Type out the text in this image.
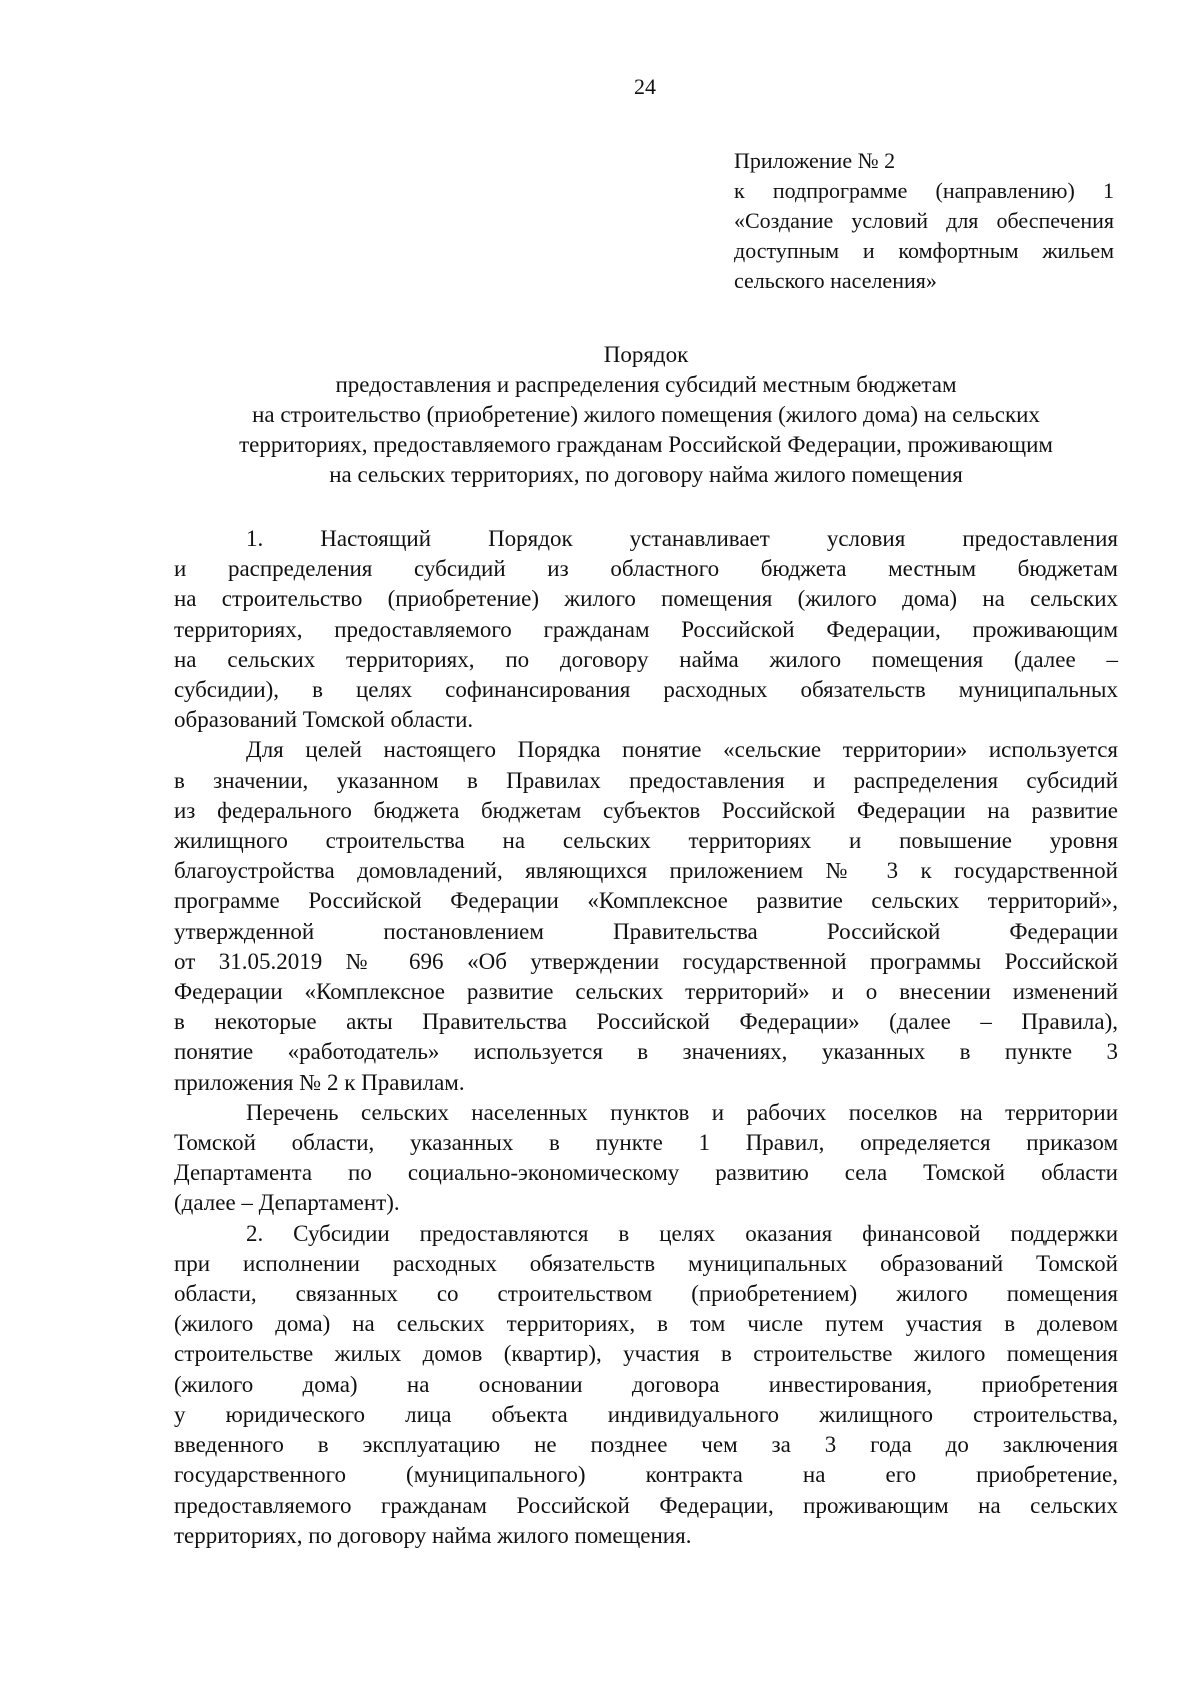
24
Приложение № 2
к подпрограмме (направлению) 1
«Создание условий для обеспечения
доступным и комфортным жильем
сельского населения»
Порядок
предоставления и распределения субсидий местным бюджетам
на строительство (приобретение) жилого помещения (жилого дома) на сельских
территориях, предоставляемого гражданам Российской Федерации, проживающим
на сельских территориях, по договору найма жилого помещения
1. Настоящий Порядок устанавливает условия предоставления
и распределения субсидий из областного бюджета местным бюджетам
на строительство (приобретение) жилого помещения (жилого дома) на сельских
территориях, предоставляемого гражданам Российской Федерации, проживающим
на сельских территориях, по договору найма жилого помещения (далее –
субсидии), в целях софинансирования расходных обязательств муниципальных
образований Томской области.
Для целей настоящего Порядка понятие «сельские территории» используется
в значении, указанном в Правилах предоставления и распределения субсидий
из федерального бюджета бюджетам субъектов Российской Федерации на развитие
жилищного строительства на сельских территориях и повышение уровня
благоустройства домовладений, являющихся приложением № 3 к государственной
программе Российской Федерации «Комплексное развитие сельских территорий»,
утвержденной постановлением Правительства Российской Федерации
от 31.05.2019 № 696 «Об утверждении государственной программы Российской
Федерации «Комплексное развитие сельских территорий» и о внесении изменений
в некоторые акты Правительства Российской Федерации» (далее – Правила),
понятие «работодатель» используется в значениях, указанных в пункте 3
приложения № 2 к Правилам.
Перечень сельских населенных пунктов и рабочих поселков на территории
Томской области, указанных в пункте 1 Правил, определяется приказом
Департамента по социально-экономическому развитию села Томской области
(далее – Департамент).
2. Субсидии предоставляются в целях оказания финансовой поддержки
при исполнении расходных обязательств муниципальных образований Томской
области, связанных со строительством (приобретением) жилого помещения
(жилого дома) на сельских территориях, в том числе путем участия в долевом
строительстве жилых домов (квартир), участия в строительстве жилого помещения
(жилого дома) на основании договора инвестирования, приобретения
у юридического лица объекта индивидуального жилищного строительства,
введенного в эксплуатацию не позднее чем за 3 года до заключения
государственного (муниципального) контракта на его приобретение,
предоставляемого гражданам Российской Федерации, проживающим на сельских
территориях, по договору найма жилого помещения.
